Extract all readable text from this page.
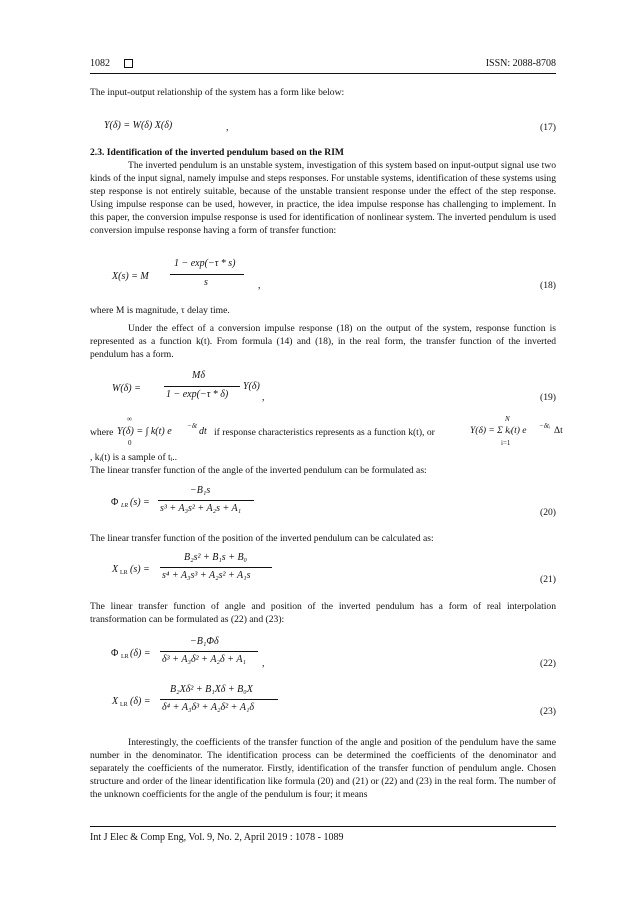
1082	ISSN: 2088-8708

The input-output relationship of the system has a form like below:

Y(δ) = W(δ) X(δ)	,	(17)
2.3. Identification of the inverted pendulum based on the RIM

The inverted pendulum is an unstable system, investigation of this system based on input-output signal use two kinds of the input signal, namely impulse and steps responses. For unstable systems, identification of these systems using step response is not entirely suitable, because of the unstable transient response under the effect of the step response. Using impulse response can be used, however, in practice, the idea impulse response has challenging to implement. In this paper, the conversion impulse response is used for identification of nonlinear system. The inverted pendulum is used conversion impulse response having a form of transfer function:

X(s) = M
1 − exp(−τ * s)
s	,	(18)

where M is magnitude, τ delay time.

Under the effect of a conversion impulse response (18) on the output of the system, response function is represented as a function k(t). From formula (14) and (18), in the real form, the transfer function of the inverted pendulum has a form.

W(δ) =
Mδ
1 − exp(−τ * δ)
Y(δ)
,	(19)
where
∞
Y(δ) = ∫ k(t) e −δt dt
0
if response characteristics represents as a function k(t), or
N
Y(δ) = Σ kᵢ(t) e −δtᵢ Δt
i=1

, kᵢ(t) is a sample of tᵢ..

The linear transfer function of the angle of the inverted pendulum can be formulated as:

Φ LR (s) =
−B₁s
s³ + A₃s² + A₂s + A₁	(20)

The linear transfer function of the position of the inverted pendulum can be calculated as:

X LR (s) =
B₂s² + B₁s + B₀
s⁴ + A₃s³ + A₂s² + A₁s	(21)

The linear transfer function of angle and position of the inverted pendulum has a form of real interpolation transformation can be formulated as (22) and (23):

Φ LR (δ) =
−B₁Φδ
δ³ + A₃δ² + A₂δ + A₁ ,	(22)
X LR (δ) =
B₂Xδ² + B₁Xδ + B₀X
δ⁴ + A₃δ³ + A₂δ² + A₁δ	(23)

Interestingly, the coefficients of the transfer function of the angle and position of the pendulum have the same number in the denominator. The identification process can be determined the coefficients of the denominator and separately the coefficients of the numerator. Firstly, identification of the transfer function of pendulum angle. Chosen structure and order of the linear identification like formula (20) and (21) or (22) and (23) in the real form. The number of the unknown coefficients for the angle of the pendulum is four; it means

Int J Elec & Comp Eng, Vol. 9, No. 2, April 2019 : 1078 - 1089
